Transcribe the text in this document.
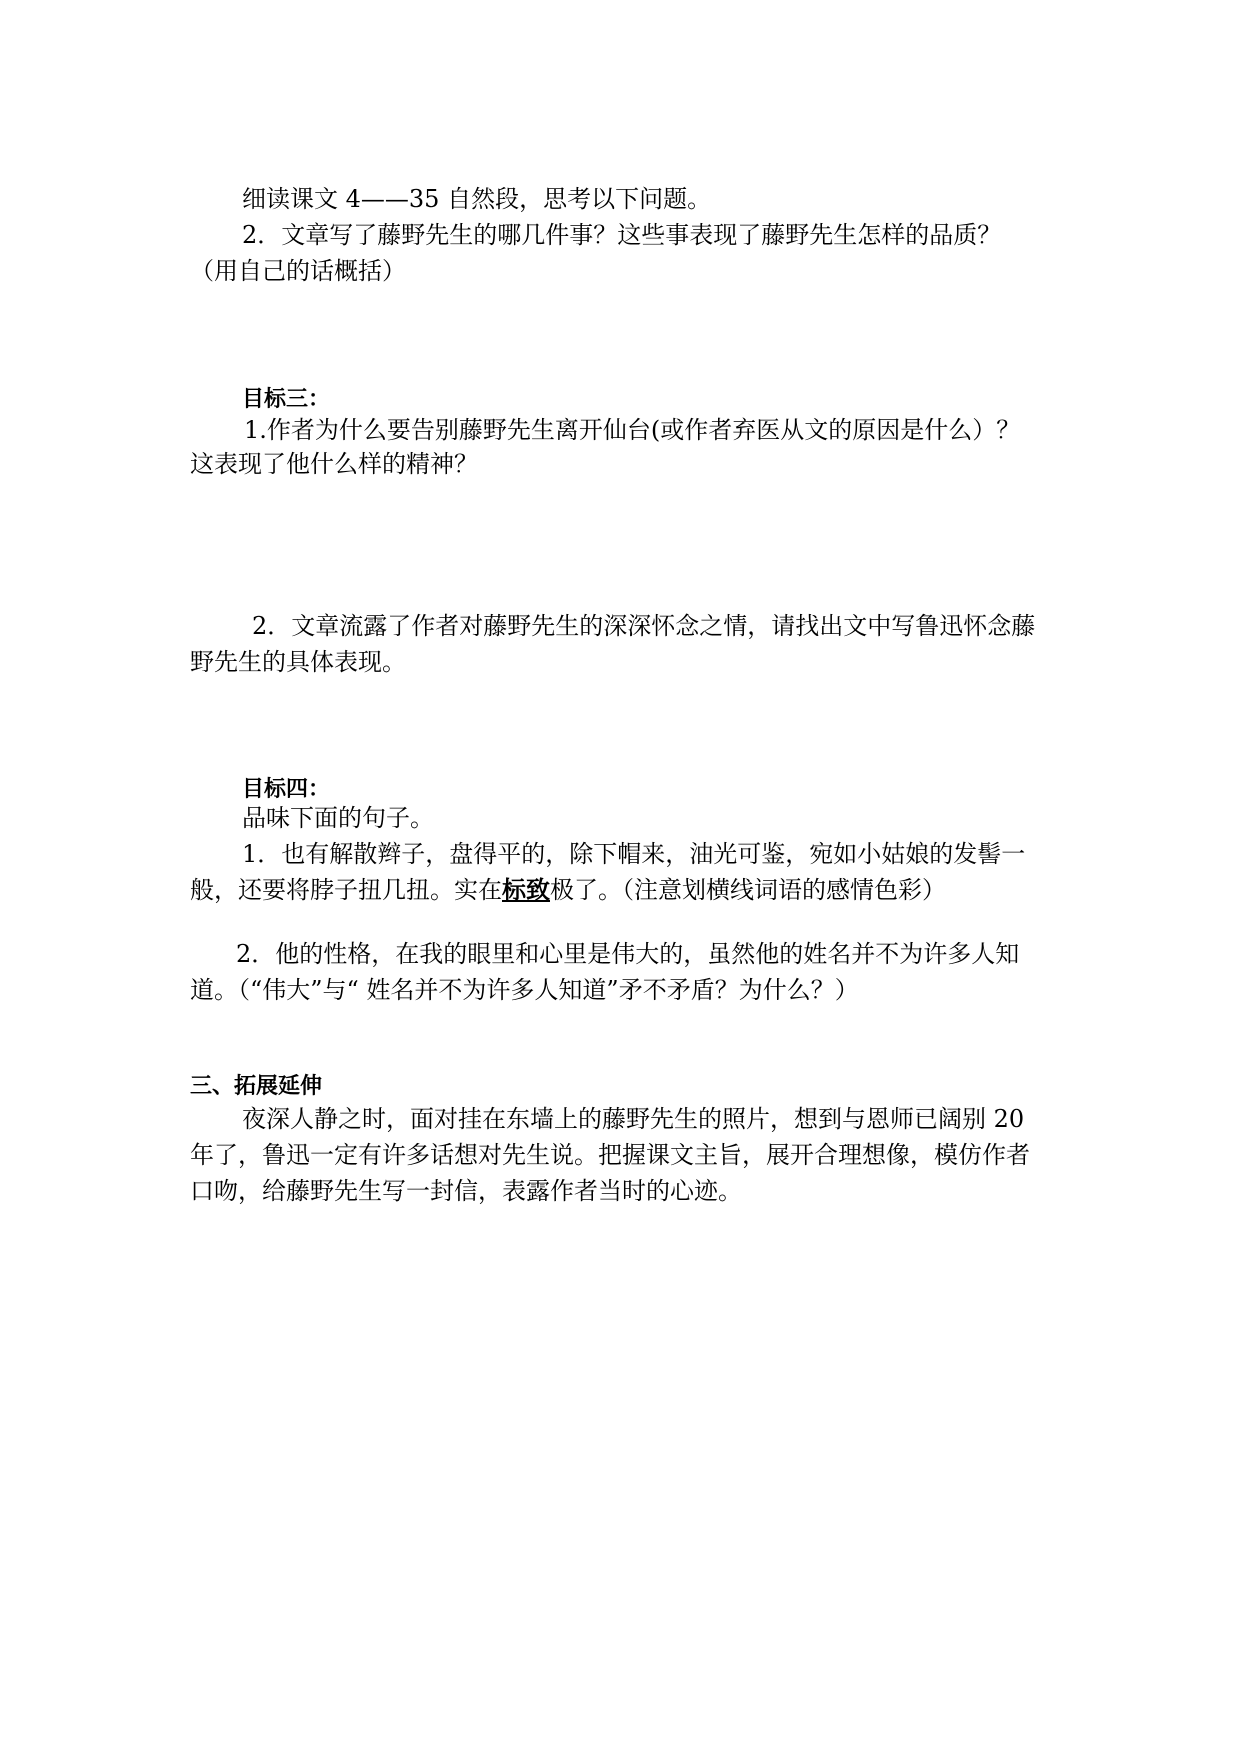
细读课文 4——35 自然段，思考以下问题。
2．文章写了藤野先生的哪几件事？这些事表现了藤野先生怎样的品质？
（用自己的话概括）
目标三：
1.作者为什么要告别藤野先生离开仙台(或作者弃医从文的原因是什么）？
这表现了他什么样的精神？
2．文章流露了作者对藤野先生的深深怀念之情，请找出文中写鲁迅怀念藤
野先生的具体表现。
目标四：
品味下面的句子。
1．也有解散辫子，盘得平的，除下帽来，油光可鉴，宛如小姑娘的发髻一
般，还要将脖子扭几扭。实在标致极了。（注意划横线词语的感情色彩）
2．他的性格，在我的眼里和心里是伟大的，虽然他的姓名并不为许多人知
道。（“伟大”与“ 姓名并不为许多人知道”矛不矛盾？为什么？）
三、拓展延伸
夜深人静之时，面对挂在东墙上的藤野先生的照片，想到与恩师已阔别 20
年了，鲁迅一定有许多话想对先生说。把握课文主旨，展开合理想像，模仿作者
口吻，给藤野先生写一封信，表露作者当时的心迹。
